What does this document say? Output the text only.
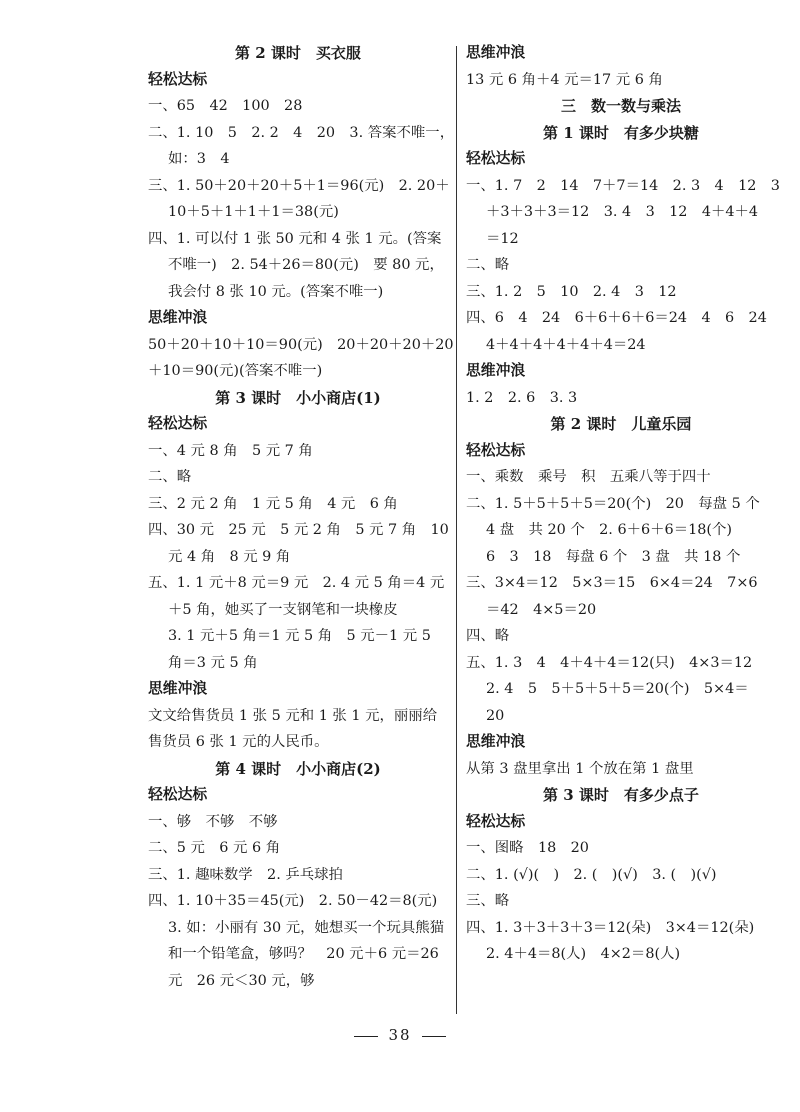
第 2 课时　买衣服
轻松达标
一、65　42　100　28
二、1. 10　5　2. 2　4　20　3. 答案不唯一，
如：3　4
三、1. 50＋20＋20＋5＋1＝96(元)　2. 20＋
10＋5＋1＋1＋1＝38(元)
四、1. 可以付 1 张 50 元和 4 张 1 元。(答案
不唯一)　2. 54＋26＝80(元)　要 80 元，
我会付 8 张 10 元。(答案不唯一)
思维冲浪
50＋20＋10＋10＝90(元)　20＋20＋20＋20
＋10＝90(元)(答案不唯一)
第 3 课时　小小商店(1)
轻松达标
一、4 元 8 角　5 元 7 角
二、略
三、2 元 2 角　1 元 5 角　4 元　6 角
四、30 元　25 元　5 元 2 角　5 元 7 角　10
元 4 角　8 元 9 角
五、1. 1 元＋8 元＝9 元　2. 4 元 5 角＝4 元
＋5 角，她买了一支钢笔和一块橡皮
3. 1 元＋5 角＝1 元 5 角　5 元－1 元 5
角＝3 元 5 角
思维冲浪
文文给售货员 1 张 5 元和 1 张 1 元，丽丽给
售货员 6 张 1 元的人民币。
第 4 课时　小小商店(2)
轻松达标
一、够　不够　不够
二、5 元　6 元 6 角
三、1. 趣味数学　2. 乒乓球拍
四、1. 10＋35＝45(元)　2. 50－42＝8(元)
3. 如：小丽有 30 元，她想买一个玩具熊猫
和一个铅笔盒，够吗？　20 元＋6 元＝26
元　26 元＜30 元，够
思维冲浪
13 元 6 角＋4 元＝17 元 6 角
三　数一数与乘法
第 1 课时　有多少块糖
轻松达标
一、1. 7　2　14　7＋7＝14　2. 3　4　12　3
＋3＋3＋3＝12　3. 4　3　12　4＋4＋4
＝12
二、略
三、1. 2　5　10　2. 4　3　12
四、6　4　24　6＋6＋6＋6＝24　4　6　24
4＋4＋4＋4＋4＋4＝24
思维冲浪
1. 2　2. 6　3. 3
第 2 课时　儿童乐园
轻松达标
一、乘数　乘号　积　五乘八等于四十
二、1. 5＋5＋5＋5＝20(个)　20　每盘 5 个
4 盘　共 20 个　2. 6＋6＋6＝18(个)
6　3　18　每盘 6 个　3 盘　共 18 个
三、3×4＝12　5×3＝15　6×4＝24　7×6
＝42　4×5＝20
四、略
五、1. 3　4　4＋4＋4＝12(只)　4×3＝12
2. 4　5　5＋5＋5＋5＝20(个)　5×4＝
20
思维冲浪
从第 3 盘里拿出 1 个放在第 1 盘里
第 3 课时　有多少点子
轻松达标
一、图略　18　20
二、1. (√)(　)　2. (　)(√)　3. (　)(√)
三、略
四、1. 3＋3＋3＋3＝12(朵)　3×4＝12(朵)
2. 4＋4＝8(人)　4×2＝8(人)
38
